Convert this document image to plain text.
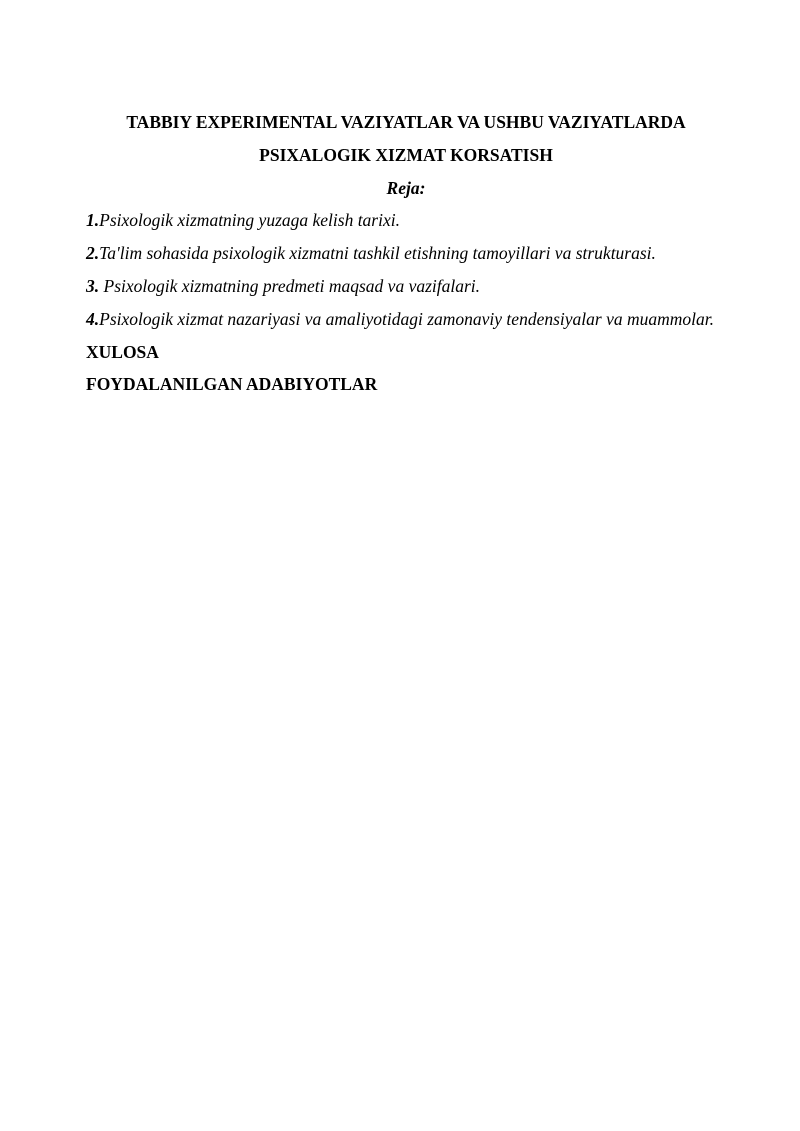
TABBIY EXPERIMENTAL VAZIYATLAR VA USHBU VAZIYATLARDA
PSIXALOGIK XIZMAT KORSATISH

Reja:

1.Psixologik xizmatning yuzaga kelish tarixi.

2.Ta'lim sohasida psixologik xizmatni tashkil etishning tamoyillari va strukturasi.

3. Psixologik xizmatning predmeti maqsad va vazifalari.

4.Psixologik xizmat nazariyasi va amaliyotidagi zamonaviy tendensiyalar va muammolar.

XULOSA

FOYDALANILGAN ADABIYOTLAR
